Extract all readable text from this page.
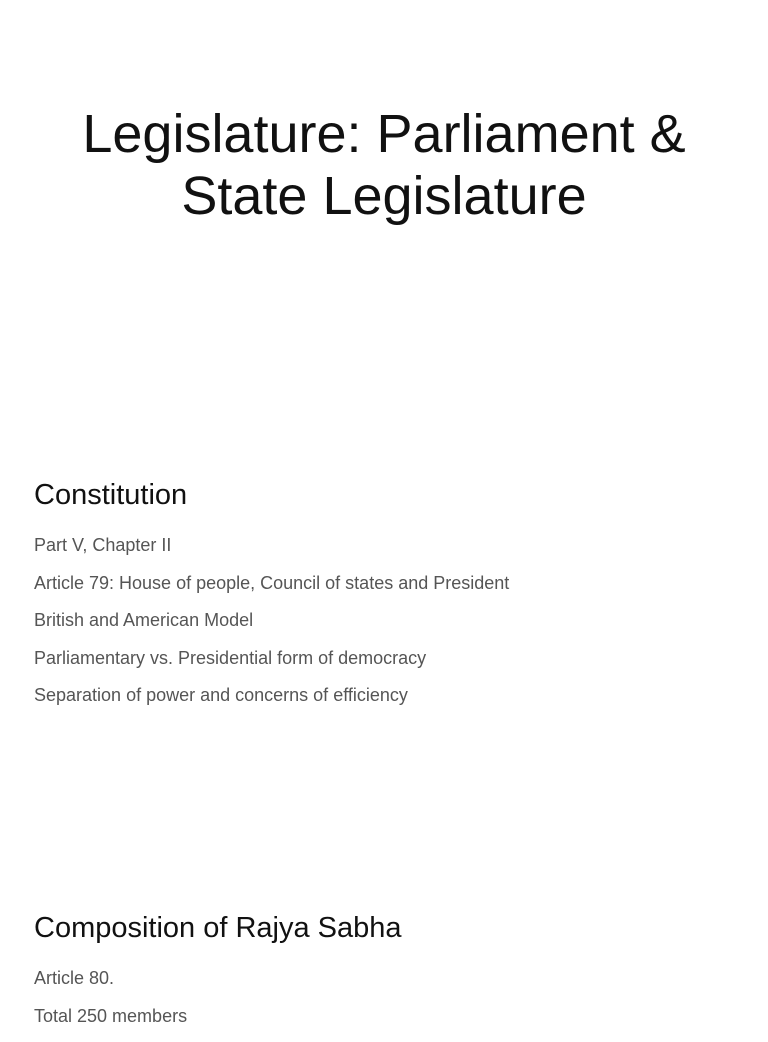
Legislature: Parliament &
State Legislature
Constitution
Part V, Chapter II
Article 79: House of people, Council of states and President
British and American Model
Parliamentary vs. Presidential form of democracy
Separation of power and concerns of efficiency
Composition of Rajya Sabha
Article 80.
Total 250 members
